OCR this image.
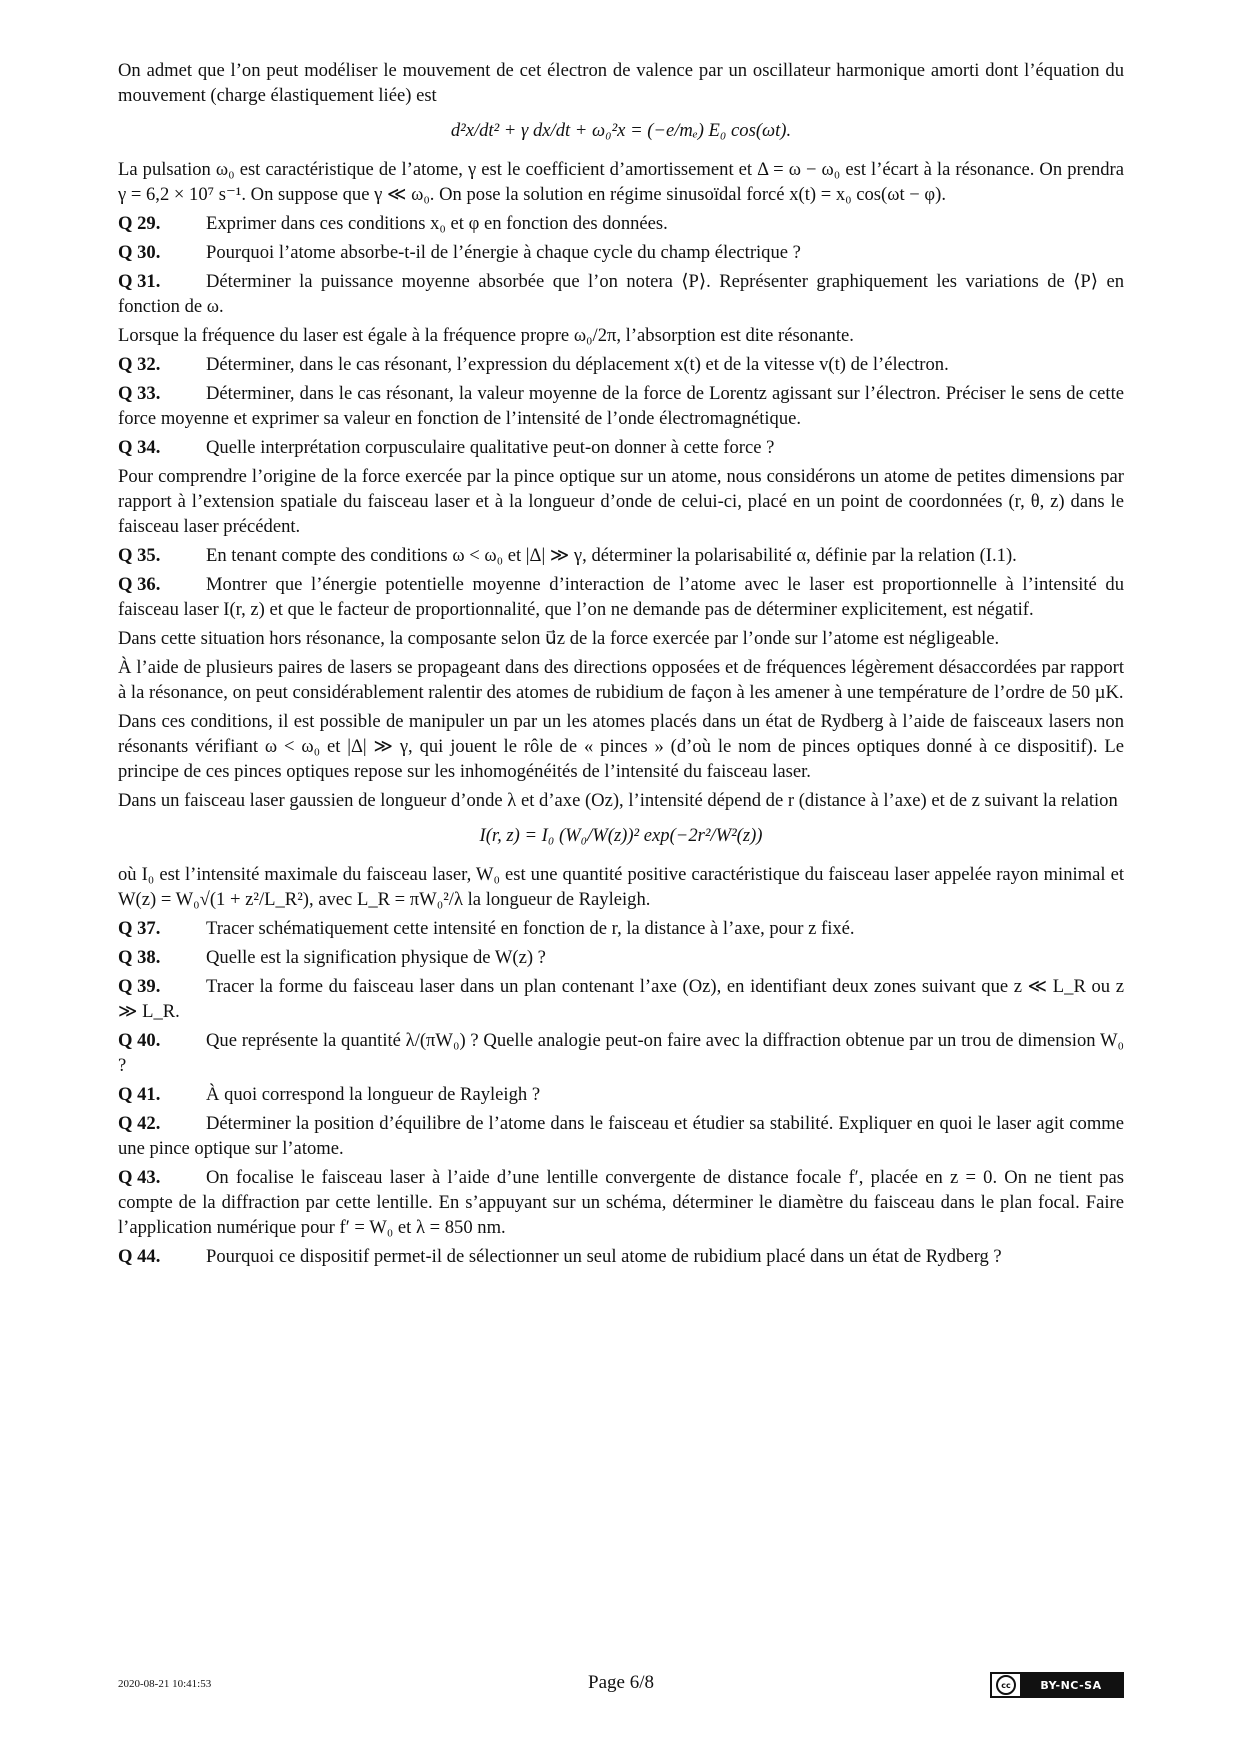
On admet que l’on peut modéliser le mouvement de cet électron de valence par un oscillateur harmonique amorti dont l’équation du mouvement (charge élastiquement liée) est

d²x/dt² + γ dx/dt + ω₀²x = (−e/mₑ) E₀ cos(ωt).

La pulsation ω₀ est caractéristique de l’atome, γ est le coefficient d’amortissement et Δ = ω − ω₀ est l’écart à la résonance. On prendra γ = 6,2 × 10⁷ s⁻¹. On suppose que γ ≪ ω₀. On pose la solution en régime sinusoïdal forcé x(t) = x₀ cos(ωt − φ).

Q 29. Exprimer dans ces conditions x₀ et φ en fonction des données.
Q 30. Pourquoi l’atome absorbe-t-il de l’énergie à chaque cycle du champ électrique ?
Q 31. Déterminer la puissance moyenne absorbée que l’on notera ⟨P⟩. Représenter graphiquement les variations de ⟨P⟩ en fonction de ω.

Lorsque la fréquence du laser est égale à la fréquence propre ω₀/2π, l’absorption est dite résonante.

Q 32. Déterminer, dans le cas résonant, l’expression du déplacement x(t) et de la vitesse v(t) de l’électron.
Q 33. Déterminer, dans le cas résonant, la valeur moyenne de la force de Lorentz agissant sur l’électron. Préciser le sens de cette force moyenne et exprimer sa valeur en fonction de l’intensité de l’onde électromagnétique.
Q 34. Quelle interprétation corpusculaire qualitative peut-on donner à cette force ?

Pour comprendre l’origine de la force exercée par la pince optique sur un atome, nous considérons un atome de petites dimensions par rapport à l’extension spatiale du faisceau laser et à la longueur d’onde de celui-ci, placé en un point de coordonnées (r, θ, z) dans le faisceau laser précédent.

Q 35. En tenant compte des conditions ω < ω₀ et |Δ| ≫ γ, déterminer la polarisabilité α, définie par la relation (I.1).
Q 36. Montrer que l’énergie potentielle moyenne d’interaction de l’atome avec le laser est proportionnelle à l’intensité du faisceau laser I(r, z) et que le facteur de proportionnalité, que l’on ne demande pas de déterminer explicitement, est négatif.

Dans cette situation hors résonance, la composante selon u⃗z de la force exercée par l’onde sur l’atome est négligeable.

À l’aide de plusieurs paires de lasers se propageant dans des directions opposées et de fréquences légèrement désaccordées par rapport à la résonance, on peut considérablement ralentir des atomes de rubidium de façon à les amener à une température de l’ordre de 50 µK.

Dans ces conditions, il est possible de manipuler un par un les atomes placés dans un état de Rydberg à l’aide de faisceaux lasers non résonants vérifiant ω < ω₀ et |Δ| ≫ γ, qui jouent le rôle de « pinces » (d’où le nom de pinces optiques donné à ce dispositif). Le principe de ces pinces optiques repose sur les inhomogénéités de l’intensité du faisceau laser.

Dans un faisceau laser gaussien de longueur d’onde λ et d’axe (Oz), l’intensité dépend de r (distance à l’axe) et de z suivant la relation

I(r, z) = I₀ (W₀/W(z))² exp(−2r²/W²(z))

où I₀ est l’intensité maximale du faisceau laser, W₀ est une quantité positive caractéristique du faisceau laser appelée rayon minimal et W(z) = W₀√(1 + z²/L_R²), avec L_R = πW₀²/λ la longueur de Rayleigh.

Q 37. Tracer schématiquement cette intensité en fonction de r, la distance à l’axe, pour z fixé.
Q 38. Quelle est la signification physique de W(z) ?
Q 39. Tracer la forme du faisceau laser dans un plan contenant l’axe (Oz), en identifiant deux zones suivant que z ≪ L_R ou z ≫ L_R.
Q 40. Que représente la quantité λ/(πW₀) ? Quelle analogie peut-on faire avec la diffraction obtenue par un trou de dimension W₀ ?
Q 41. À quoi correspond la longueur de Rayleigh ?
Q 42. Déterminer la position d’équilibre de l’atome dans le faisceau et étudier sa stabilité. Expliquer en quoi le laser agit comme une pince optique sur l’atome.
Q 43. On focalise le faisceau laser à l’aide d’une lentille convergente de distance focale f′, placée en z = 0. On ne tient pas compte de la diffraction par cette lentille. En s’appuyant sur un schéma, déterminer le diamètre du faisceau dans le plan focal. Faire l’application numérique pour f′ = W₀ et λ = 850 nm.
Q 44. Pourquoi ce dispositif permet-il de sélectionner un seul atome de rubidium placé dans un état de Rydberg ?
2020-08-21 10:41:53	Page 6/8	cc	BY-NC-SA
